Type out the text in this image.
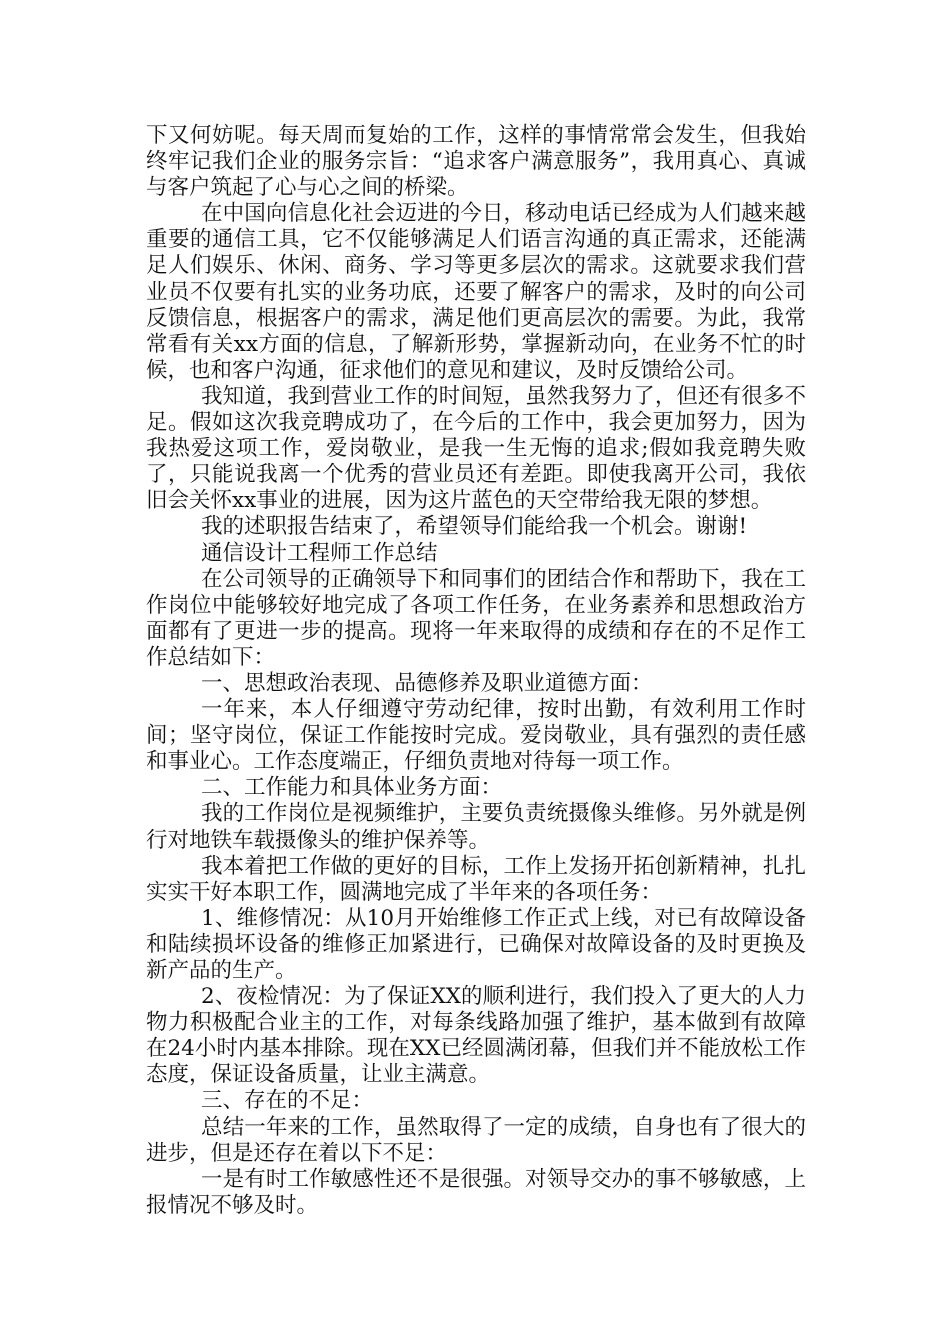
下又何妨呢。每天周而复始的工作，这样的事情常常会发生，但我始终牢记我们企业的服务宗旨：“追求客户满意服务”，我用真心、真诚与客户筑起了心与心之间的桥梁。

在中国向信息化社会迈进的今日，移动电话已经成为人们越来越重要的通信工具，它不仅能够满足人们语言沟通的真正需求，还能满足人们娱乐、休闲、商务、学习等更多层次的需求。这就要求我们营业员不仅要有扎实的业务功底，还要了解客户的需求，及时的向公司反馈信息，根据客户的需求，满足他们更高层次的需要。为此，我常常看有关xx方面的信息，了解新形势，掌握新动向，在业务不忙的时候，也和客户沟通，征求他们的意见和建议，及时反馈给公司。

我知道，我到营业工作的时间短，虽然我努力了，但还有很多不足。假如这次我竞聘成功了，在今后的工作中，我会更加努力，因为我热爱这项工作，爱岗敬业，是我一生无悔的追求;假如我竞聘失败了，只能说我离一个优秀的营业员还有差距。即使我离开公司，我依旧会关怀xx事业的进展，因为这片蓝色的天空带给我无限的梦想。

我的述职报告结束了，希望领导们能给我一个机会。谢谢!

通信设计工程师工作总结

在公司领导的正确领导下和同事们的团结合作和帮助下，我在工作岗位中能够较好地完成了各项工作任务，在业务素养和思想政治方面都有了更进一步的提高。现将一年来取得的成绩和存在的不足作工作总结如下：

一、思想政治表现、品德修养及职业道德方面：

一年来，本人仔细遵守劳动纪律，按时出勤，有效利用工作时间；坚守岗位，保证工作能按时完成。爱岗敬业，具有强烈的责任感和事业心。工作态度端正，仔细负责地对待每一项工作。

二、工作能力和具体业务方面：

我的工作岗位是视频维护，主要负责统摄像头维修。另外就是例行对地铁车载摄像头的维护保养等。

我本着把工作做的更好的目标，工作上发扬开拓创新精神，扎扎实实干好本职工作，圆满地完成了半年来的各项任务：

1、维修情况：从10月开始维修工作正式上线，对已有故障设备和陆续损坏设备的维修正加紧进行，已确保对故障设备的及时更换及新产品的生产。

2、夜检情况：为了保证XX的顺利进行，我们投入了更大的人力物力积极配合业主的工作，对每条线路加强了维护，基本做到有故障在24小时内基本排除。现在XX已经圆满闭幕，但我们并不能放松工作态度，保证设备质量，让业主满意。

三、存在的不足：

总结一年来的工作，虽然取得了一定的成绩，自身也有了很大的进步，但是还存在着以下不足：

一是有时工作敏感性还不是很强。对领导交办的事不够敏感，上报情况不够及时。
